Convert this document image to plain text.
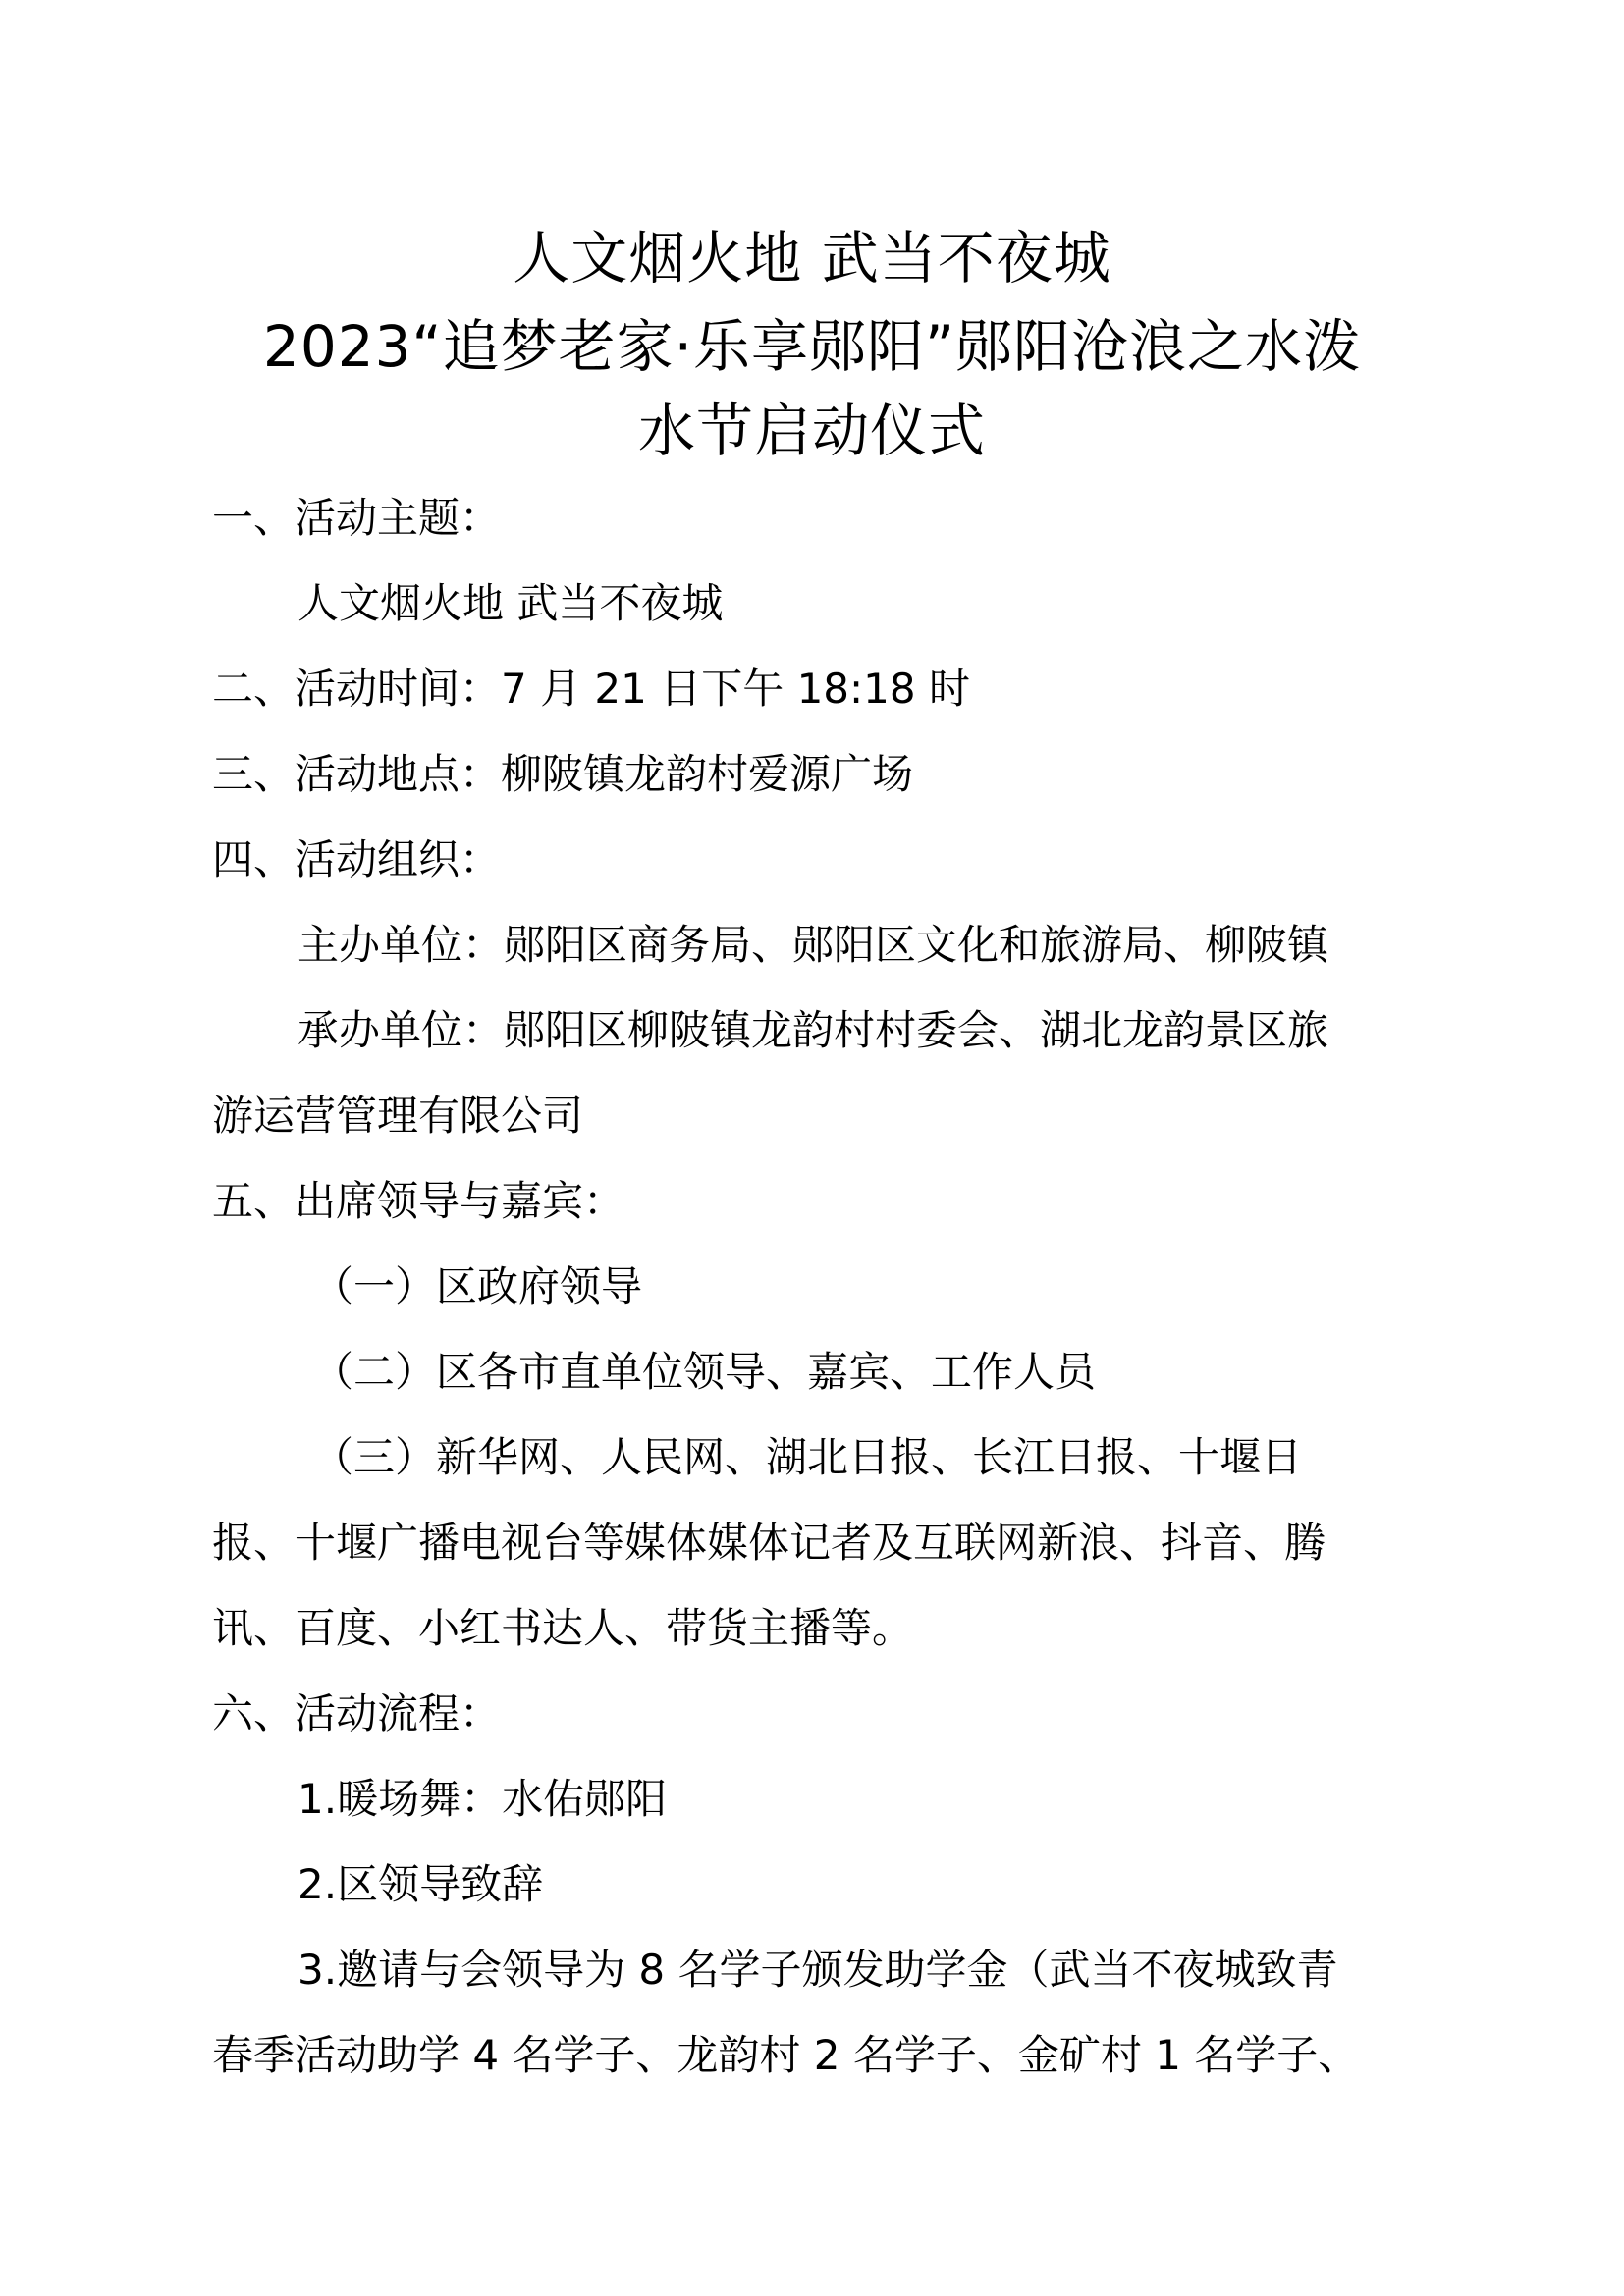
人文烟火地 武当不夜城
2023“追梦老家·乐享郧阳”郧阳沧浪之水泼
水节启动仪式
一、活动主题：
人文烟火地 武当不夜城
二、活动时间：7 月 21 日下午 18:18 时
三、活动地点：柳陂镇龙韵村爱源广场
四、活动组织：
主办单位：郧阳区商务局、郧阳区文化和旅游局、柳陂镇
承办单位：郧阳区柳陂镇龙韵村村委会、湖北龙韵景区旅
游运营管理有限公司
五、出席领导与嘉宾：
（一）区政府领导
（二）区各市直单位领导、嘉宾、工作人员
（三）新华网、人民网、湖北日报、长江日报、十堰日
报、十堰广播电视台等媒体媒体记者及互联网新浪、抖音、腾
讯、百度、小红书达人、带货主播等。
六、活动流程：
1.暖场舞：水佑郧阳
2.区领导致辞
3.邀请与会领导为 8 名学子颁发助学金（武当不夜城致青
春季活动助学 4 名学子、龙韵村 2 名学子、金矿村 1 名学子、
